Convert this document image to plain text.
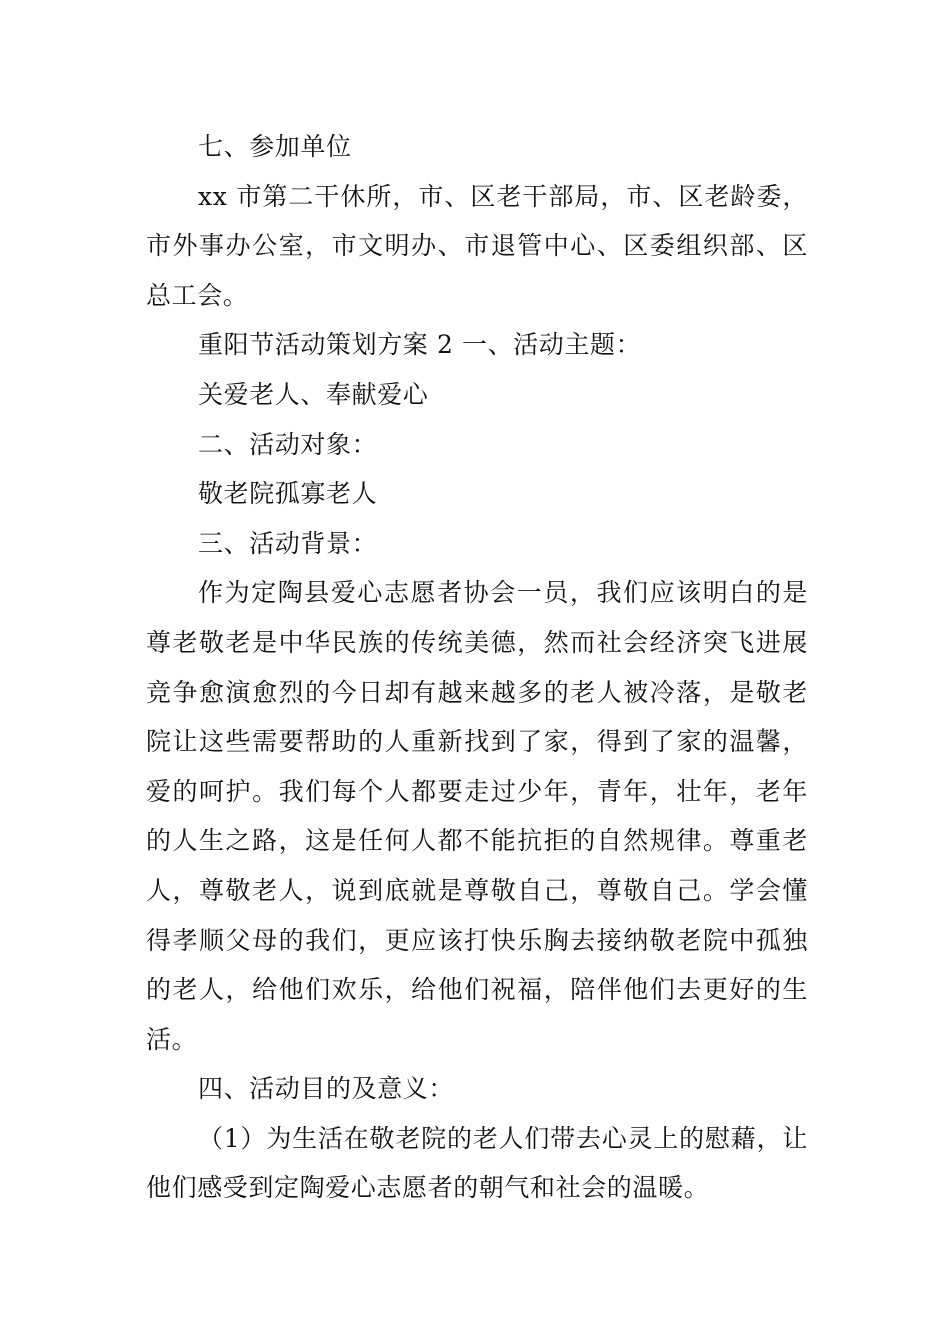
七、参加单位

xx 市第二干休所，市、区老干部局，市、区老龄委，市外事办公室，市文明办、市退管中心、区委组织部、区总工会。

重阳节活动策划方案 2 一、活动主题：

关爱老人、奉献爱心

二、活动对象：

敬老院孤寡老人

三、活动背景：

作为定陶县爱心志愿者协会一员，我们应该明白的是尊老敬老是中华民族的传统美德，然而社会经济突飞进展竞争愈演愈烈的今日却有越来越多的老人被冷落，是敬老院让这些需要帮助的人重新找到了家，得到了家的温馨，爱的呵护。我们每个人都要走过少年，青年，壮年，老年的人生之路，这是任何人都不能抗拒的自然规律。尊重老人，尊敬老人，说到底就是尊敬自己，尊敬自己。学会懂得孝顺父母的我们，更应该打快乐胸去接纳敬老院中孤独的老人，给他们欢乐，给他们祝福，陪伴他们去更好的生活。

四、活动目的及意义：

（1）为生活在敬老院的老人们带去心灵上的慰藉，让他们感受到定陶爱心志愿者的朝气和社会的温暖。
